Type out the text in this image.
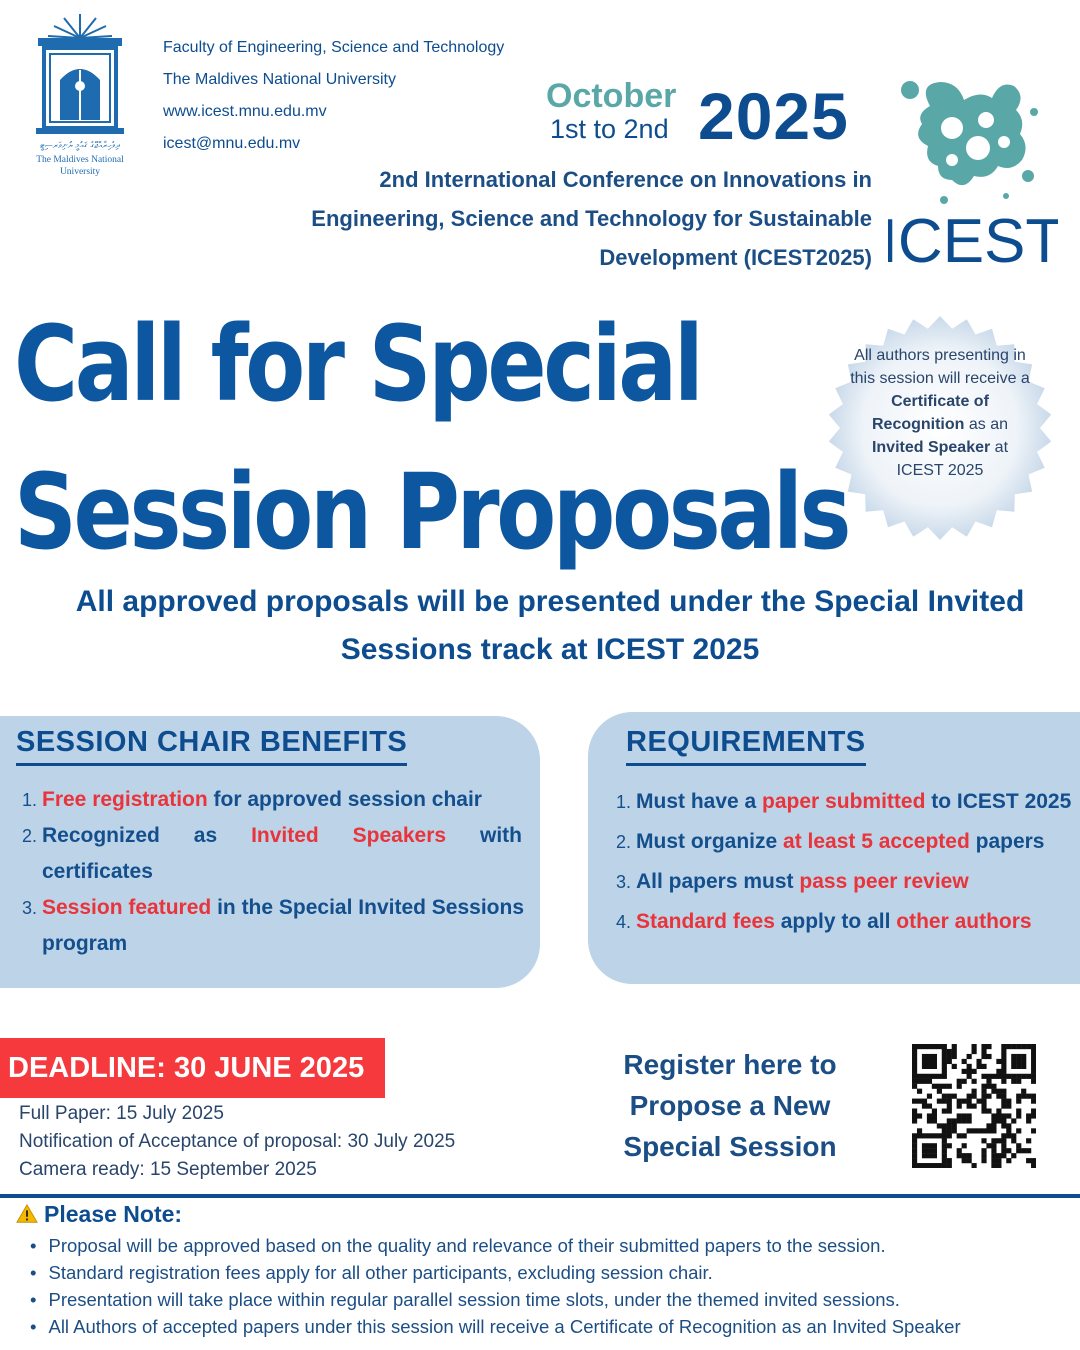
ދިވެހިރާއްޖޭގެ ޤައުމީ ޔުނިވަރސިޓީ
The Maldives National
University
Faculty of Engineering, Science and Technology
The Maldives National University
www.icest.mnu.edu.mv
icest@mnu.edu.mv
October
1st to 2nd 2025
2nd International Conference on Innovations in
Engineering, Science and Technology for Sustainable
Development (ICEST2025) ICEST
Call for Special
Session Proposals
All authors presenting in this session will receive a Certificate of Recognition as an Invited Speaker at ICEST 2025
All approved proposals will be presented under the Special Invited Sessions track at ICEST 2025
SESSION CHAIR BENEFITS
1. Free registration for approved session chair
2. Recognized as Invited Speakers with
certificates
3. Session featured in the Special Invited Sessions
program
REQUIREMENTS
1. Must have a paper submitted to ICEST 2025
2. Must organize at least 5 accepted papers
3. All papers must pass peer review
4. Standard fees apply to all other authors
DEADLINE: 30 JUNE 2025
Full Paper: 15 July 2025
Notification of Acceptance of proposal: 30 July 2025
Camera ready: 15 September 2025
Register here to
Propose a New
Special Session
Please Note:
• Proposal will be approved based on the quality and relevance of their submitted papers to the session.
• Standard registration fees apply for all other participants, excluding session chair.
• Presentation will take place within regular parallel session time slots, under the themed invited sessions.
• All Authors of accepted papers under this session will receive a Certificate of Recognition as an Invited Speaker
